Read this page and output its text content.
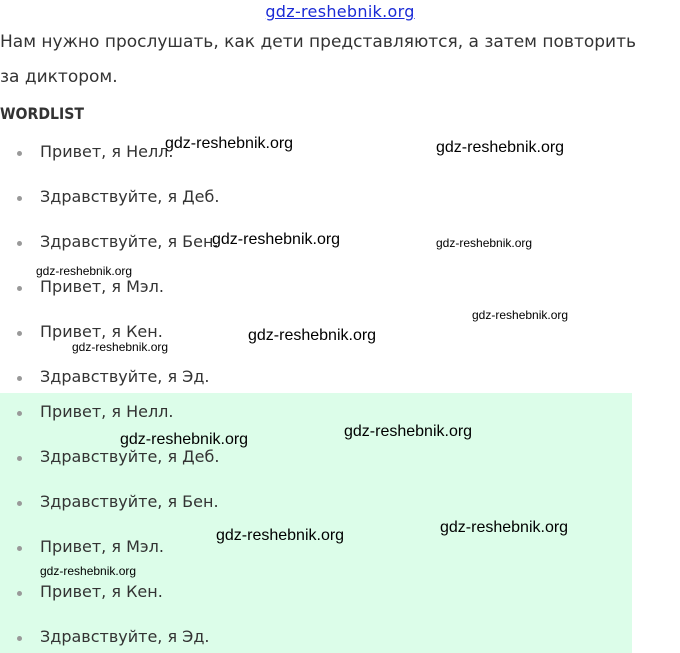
gdz-reshebnik.org
Нам нужно прослушать, как дети представляются, а затем повторить за диктором.
WORDLIST
Привет, я Нелл.
Здравствуйте, я Деб.
Здравствуйте, я Бен.
Привет, я Мэл.
Привет, я Кен.
Здравствуйте, я Эд.
Привет, я Нелл.
Здравствуйте, я Деб.
Здравствуйте, я Бен.
Привет, я Мэл.
Привет, я Кен.
Здравствуйте, я Эд.
gdz-reshebnik.org	gdz-reshebnik.org
gdz-reshebnik.org	gdz-reshebnik.org
gdz-reshebnik.org
gdz-reshebnik.org
gdz-reshebnik.org
gdz-reshebnik.org
gdz-reshebnik.org
gdz-reshebnik.org
gdz-reshebnik.org
gdz-reshebnik.org
gdz-reshebnik.org
